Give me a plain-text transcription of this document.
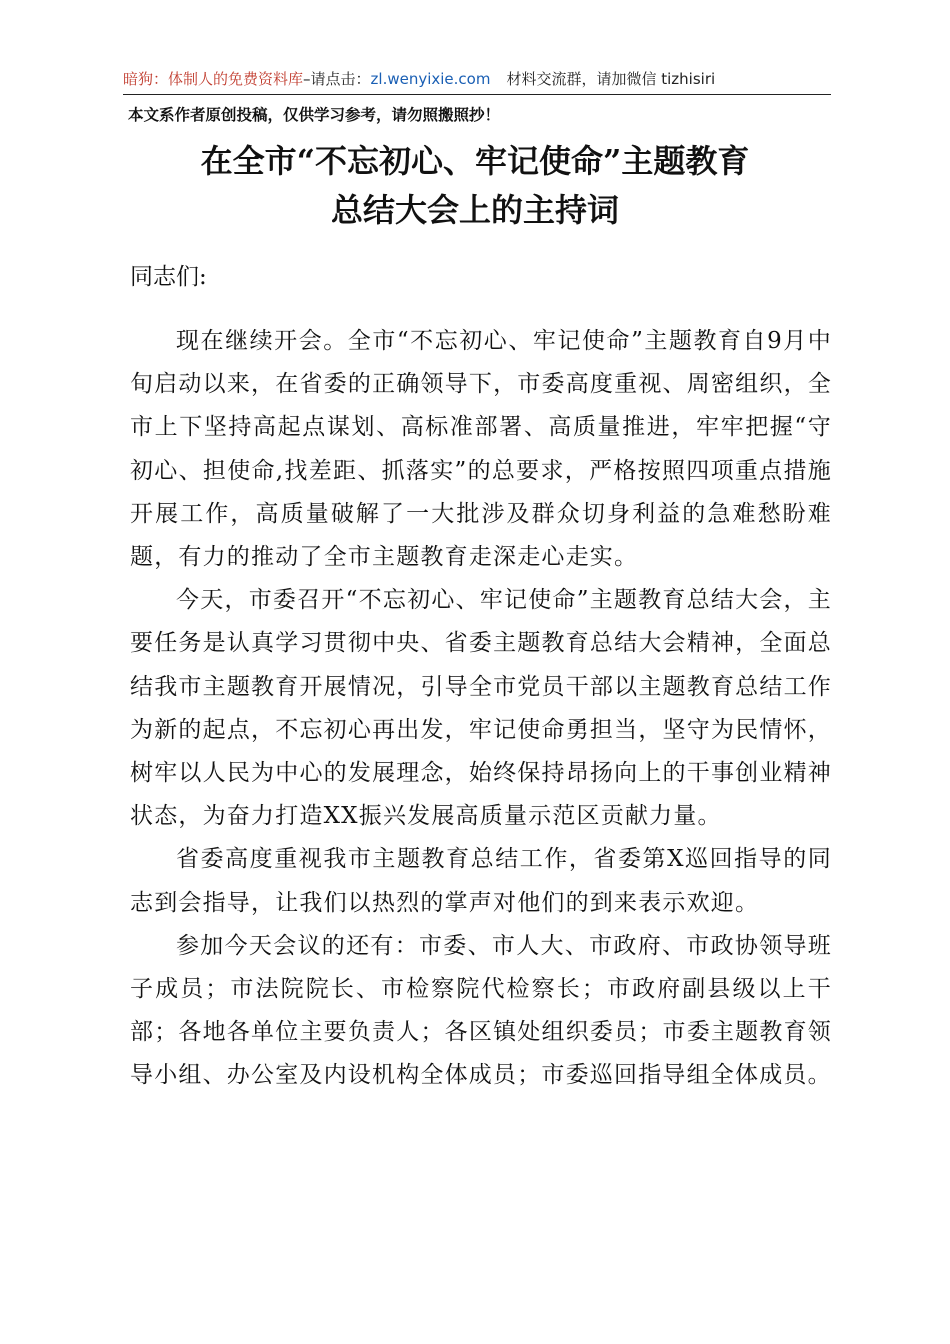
暗狗：体制人的免费资料库–请点击：zl.wenyixie.com 材料交流群，请加微信 tizhisiri
本文系作者原创投稿，仅供学习参考，请勿照搬照抄！
在全市“不忘初心、牢记使命”主题教育
总结大会上的主持词
同志们:

现在继续开会。全市“不忘初心、牢记使命”主题教育自9月中旬启动以来，在省委的正确领导下，市委高度重视、周密组织，全市上下坚持高起点谋划、高标准部署、高质量推进，牢牢把握“守初心、担使命,找差距、抓落实”的总要求，严格按照四项重点措施开展工作，高质量破解了一大批涉及群众切身利益的急难愁盼难题，有力的推动了全市主题教育走深走心走实。

今天，市委召开“不忘初心、牢记使命”主题教育总结大会，主要任务是认真学习贯彻中央、省委主题教育总结大会精神，全面总结我市主题教育开展情况，引导全市党员干部以主题教育总结工作为新的起点，不忘初心再出发，牢记使命勇担当，坚守为民情怀，树牢以人民为中心的发展理念，始终保持昂扬向上的干事创业精神状态，为奋力打造XX振兴发展高质量示范区贡献力量。

省委高度重视我市主题教育总结工作，省委第X巡回指导的同志到会指导，让我们以热烈的掌声对他们的到来表示欢迎。

参加今天会议的还有：市委、市人大、市政府、市政协领导班子成员；市法院院长、市检察院代检察长；市政府副县级以上干部；各地各单位主要负责人；各区镇处组织委员；市委主题教育领导小组、办公室及内设机构全体成员；市委巡回指导组全体成员。
